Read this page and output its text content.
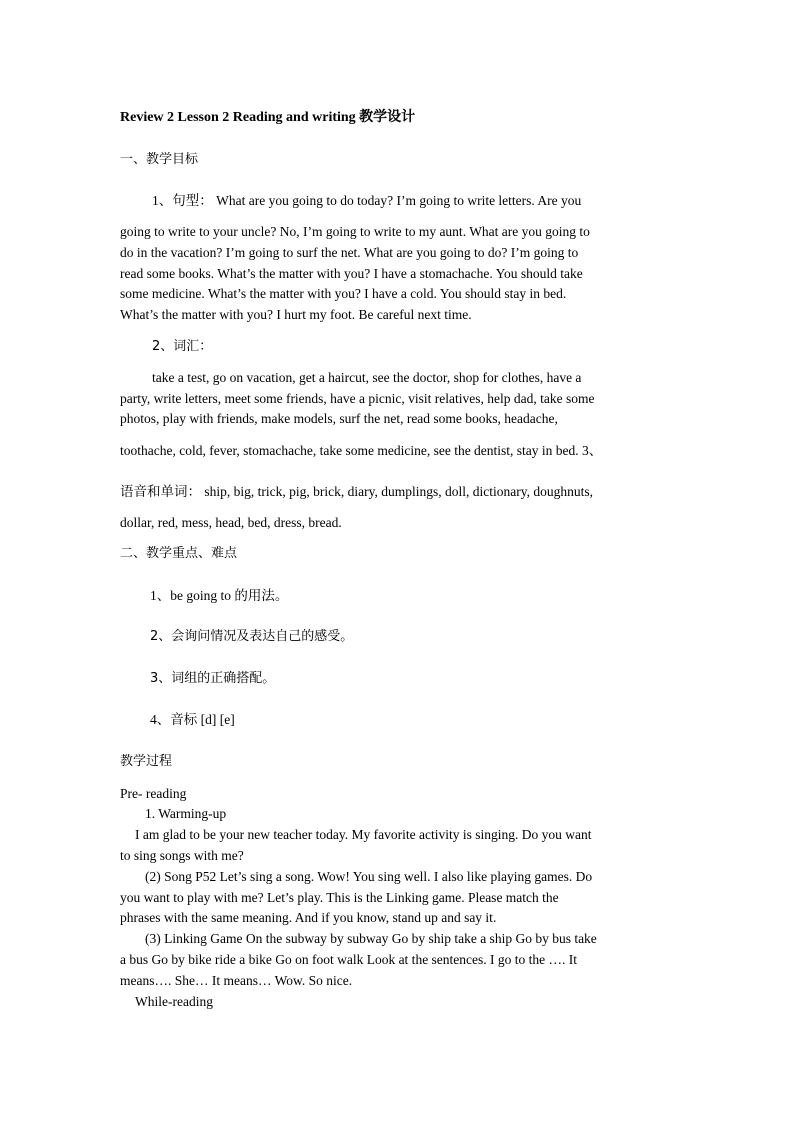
Review 2 Lesson 2 Reading and writing 教学设计
一、教学目标
1、句型： What are you going to do today? I’m going to write letters. Are you
going to write to your uncle? No, I’m going to write to my aunt. What are you going to
do in the vacation? I’m going to surf the net. What are you going to do? I’m going to
read some books. What’s the matter with you? I have a stomachache. You should take
some medicine. What’s the matter with you? I have a cold. You should stay in bed.
What’s the matter with you? I hurt my foot. Be careful next time.
2、词汇：
take a test, go on vacation, get a haircut, see the doctor, shop for clothes, have a
party, write letters, meet some friends, have a picnic, visit relatives, help dad, take some
photos, play with friends, make models, surf the net, read some books, headache,
toothache, cold, fever, stomachache, take some medicine, see the dentist, stay in bed. 3、
语音和单词： ship, big, trick, pig, brick, diary, dumplings, doll, dictionary, doughnuts,
dollar, red, mess, head, bed, dress, bread.
二、教学重点、难点
1、be going to 的用法。
2、会询问情况及表达自己的感受。
3、词组的正确搭配。
4、音标 [d] [e]
教学过程
Pre- reading
1. Warming-up
I am glad to be your new teacher today. My favorite activity is singing. Do you want
to sing songs with me?
(2) Song P52 Let’s sing a song. Wow! You sing well. I also like playing games. Do
you want to play with me? Let’s play. This is the Linking game. Please match the
phrases with the same meaning. And if you know, stand up and say it.
(3) Linking Game On the subway by subway Go by ship take a ship Go by bus take
a bus Go by bike ride a bike Go on foot walk Look at the sentences. I go to the …. It
means…. She… It means… Wow. So nice.
While-reading
